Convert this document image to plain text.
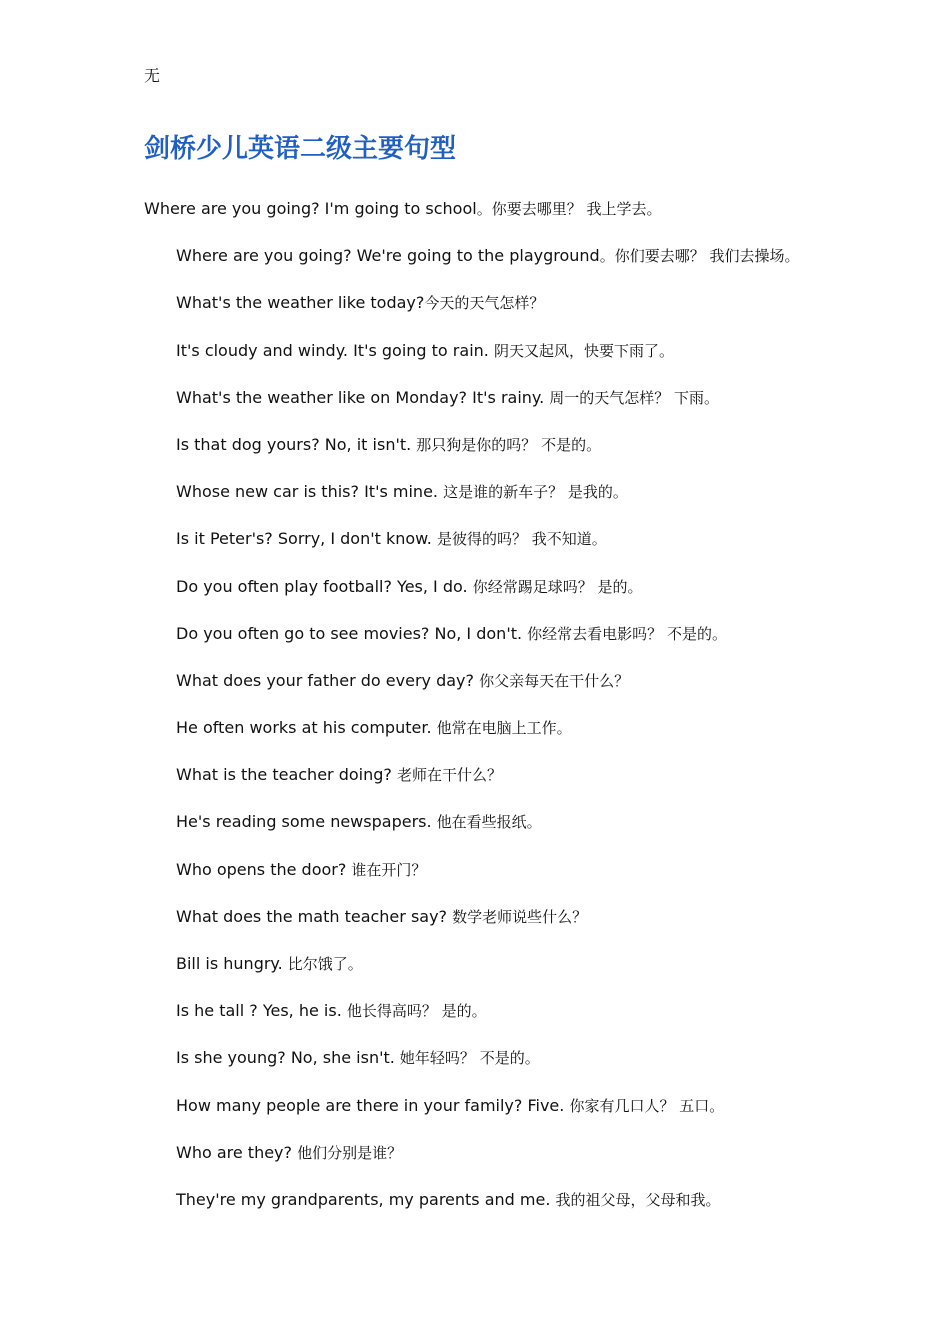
无
剑桥少儿英语二级主要句型
Where are you going? I'm going to school。你要去哪里？ 我上学去。
Where are you going? We're going to the playground。你们要去哪？ 我们去操场。
What's the weather like today?今天的天气怎样？
It's cloudy and windy. It's going to rain. 阴天又起风，快要下雨了。
What's the weather like on Monday? It's rainy. 周一的天气怎样？ 下雨。
Is that dog yours? No, it isn't. 那只狗是你的吗？ 不是的。
Whose new car is this? It's mine. 这是谁的新车子？ 是我的。
Is it Peter's? Sorry, I don't know. 是彼得的吗？ 我不知道。
Do you often play football? Yes, I do. 你经常踢足球吗？ 是的。
Do you often go to see movies? No, I don't. 你经常去看电影吗？ 不是的。
What does your father do every day? 你父亲每天在干什么？
He often works at his computer. 他常在电脑上工作。
What is the teacher doing? 老师在干什么？
He's reading some newspapers. 他在看些报纸。
Who opens the door? 谁在开门？
What does the math teacher say? 数学老师说些什么？
Bill is hungry. 比尔饿了。
Is he tall ? Yes, he is. 他长得高吗？ 是的。
Is she young? No, she isn't. 她年轻吗？ 不是的。
How many people are there in your family? Five. 你家有几口人？ 五口。
Who are they? 他们分别是谁？
They're my grandparents, my parents and me. 我的祖父母，父母和我。
